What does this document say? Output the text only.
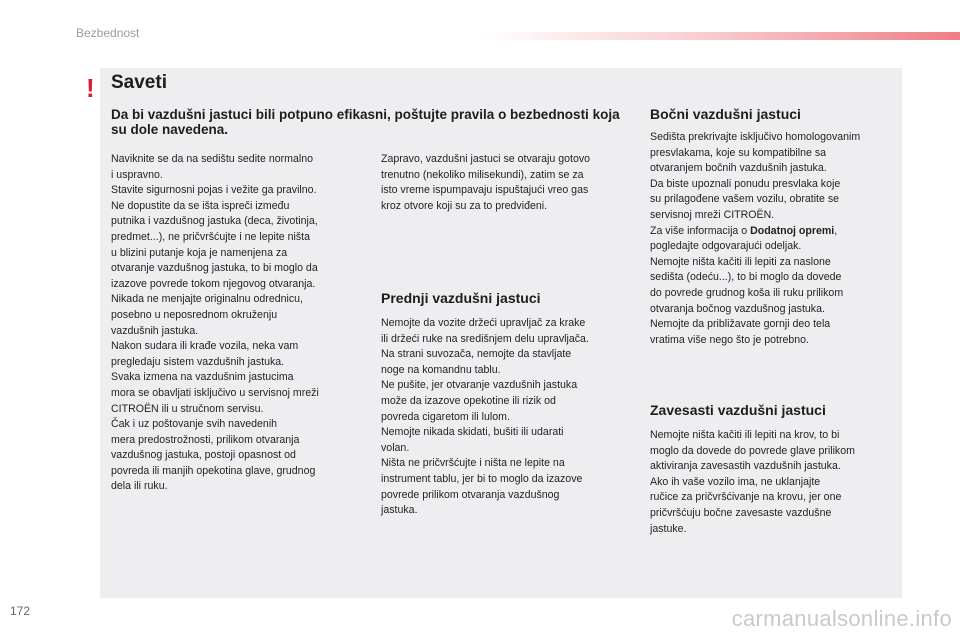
Bezbednost
! Saveti
Da bi vazdušni jastuci bili potpuno efikasni, poštujte pravila o bezbednosti koja su dole navedena.

Naviknite se da na sedištu sedite normalno

i uspravno.

Stavite sigurnosni pojas i vežite ga pravilno.

Ne dopustite da se išta ispreči između

putnika i vazdušnog jastuka (deca, životinja,

predmet...), ne pričvršćujte i ne lepite ništa

u blizini putanje koja je namenjena za

otvaranje vazdušnog jastuka, to bi moglo da

izazove povrede tokom njegovog otvaranja.

Nikada ne menjajte originalnu odrednicu,

posebno u neposrednom okruženju

vazdušnih jastuka.

Nakon sudara ili krađe vozila, neka vam

pregledaju sistem vazdušnih jastuka.

Svaka izmena na vazdušnim jastucima

mora se obavljati isključivo u servisnoj mreži

CITROËN ili u stručnom servisu.

Čak i uz poštovanje svih navedenih

mera predostrožnosti, prilikom otvaranja

vazdušnog jastuka, postoji opasnost od

povreda ili manjih opekotina glave, grudnog

dela ili ruku.

Zapravo, vazdušni jastuci se otvaraju gotovo

trenutno (nekoliko milisekundi), zatim se za

isto vreme ispumpavaju ispuštajući vreo gas

kroz otvore koji su za to predviđeni.

Prednji vazdušni jastuci

Nemojte da vozite držeći upravljač za krake

ili držeći ruke na središnjem delu upravljača.

Na strani suvozača, nemojte da stavljate

noge na komandnu tablu.

Ne pušite, jer otvaranje vazdušnih jastuka

može da izazove opekotine ili rizik od

povreda cigaretom ili lulom.

Nemojte nikada skidati, bušiti ili udarati

volan.

Ništa ne pričvršćujte i ništa ne lepite na

instrument tablu, jer bi to moglo da izazove

povrede prilikom otvaranja vazdušnog

jastuka.

Bočni vazdušni jastuci

Sedišta prekrivajte isključivo homologovanim

presvlakama, koje su kompatibilne sa

otvaranjem bočnih vazdušnih jastuka.

Da biste upoznali ponudu presvlaka koje

su prilagođene vašem vozilu, obratite se

servisnoj mreži CITROËN.

Za više informacija o Dodatnoj opremi,

pogledajte odgovarajući odeljak.

Nemojte ništa kačiti ili lepiti za naslone

sedišta (odeću...), to bi moglo da dovede

do povrede grudnog koša ili ruku prilikom

otvaranja bočnog vazdušnog jastuka.

Nemojte da približavate gornji deo tela

vratima više nego što je potrebno.

Zavesasti vazdušni jastuci

Nemojte ništa kačiti ili lepiti na krov, to bi

moglo da dovede do povrede glave prilikom

aktiviranja zavesastih vazdušnih jastuka.

Ako ih vaše vozilo ima, ne uklanjajte

ručice za pričvršćivanje na krovu, jer one

pričvršćuju bočne zavesaste vazdušne

jastuke.

172	carmanualsonline.info
